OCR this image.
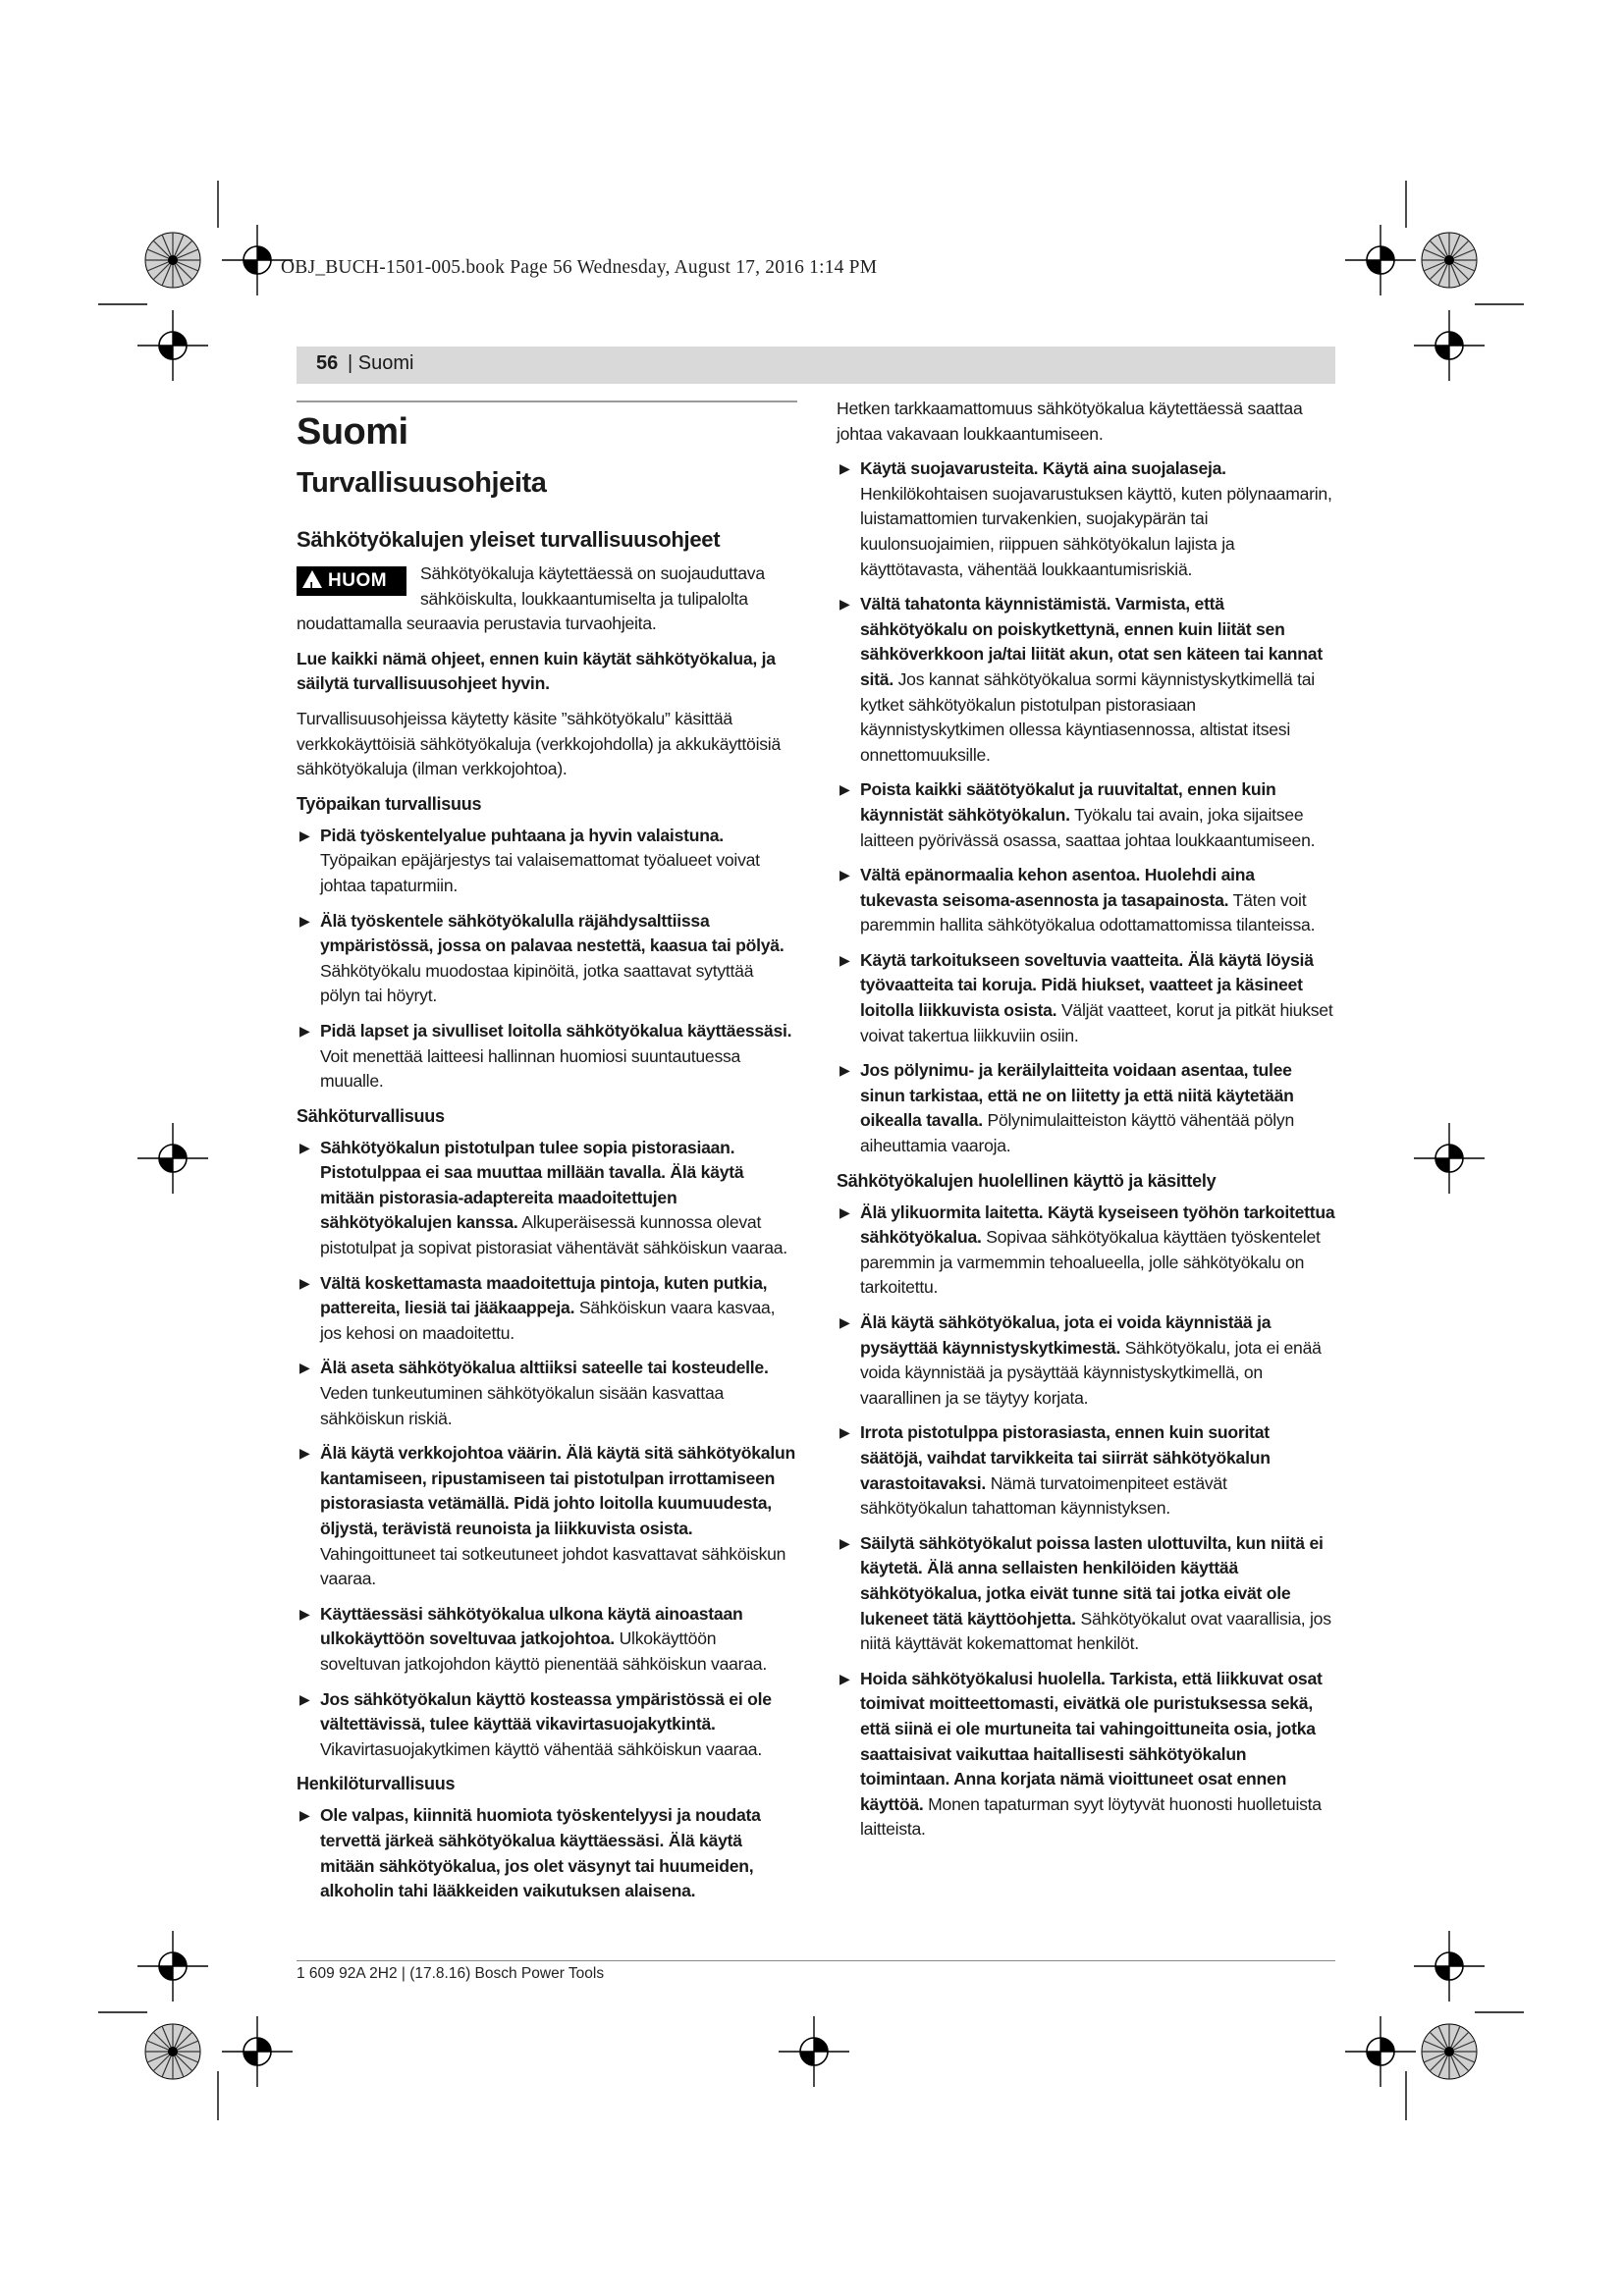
OBJ_BUCH-1501-005.book Page 56 Wednesday, August 17, 2016 1:14 PM
56 | Suomi
Suomi
Turvallisuusohjeita
Sähkötyökalujen yleiset turvallisuusohjeet
! HUOM	Sähkötyökaluja käytettäessä on suojauduttava sähköiskulta, loukkaantumiselta ja tulipalolta noudattamalla seuraavia perustavia turvaohjeita.

Lue kaikki nämä ohjeet, ennen kuin käytät sähkötyökalua, ja säilytä turvallisuusohjeet hyvin.

Turvallisuusohjeissa käytetty käsite ”sähkötyökalu” käsittää verkkokäyttöisiä sähkötyökaluja (verkkojohdolla) ja akkukäyttöisiä sähkötyökaluja (ilman verkkojohtoa).

Työpaikan turvallisuus
▶ Pidä työskentelyalue puhtaana ja hyvin valaistuna. Työpaikan epäjärjestys tai valaisemattomat työalueet voivat johtaa tapaturmiin.
▶ Älä työskentele sähkötyökalulla räjähdysalttiissa ympäristössä, jossa on palavaa nestettä, kaasua tai pölyä. Sähkötyökalu muodostaa kipinöitä, jotka saattavat sytyttää pölyn tai höyryt.
▶ Pidä lapset ja sivulliset loitolla sähkötyökalua käyttäessäsi. Voit menettää laitteesi hallinnan huomiosi suuntautuessa muualle.
Sähköturvallisuus
▶ Sähkötyökalun pistotulpan tulee sopia pistorasiaan. Pistotulppaa ei saa muuttaa millään tavalla. Älä käytä mitään pistorasia-adapterеita maadoitettujen sähkötyökalujen kanssa. Alkuperäisessä kunnossa olevat pistotulpat ja sopivat pistorasiat vähentävät sähköiskun vaaraa.
▶ Vältä koskettamasta maadoitettuja pintoja, kuten putkia, pattereita, liesiä tai jääkaappeja. Sähköiskun vaara kasvaa, jos kehosi on maadoitettu.
▶ Älä aseta sähkötyökalua alttiiksi sateelle tai kosteudelle. Veden tunkeutuminen sähkötyökalun sisään kasvattaa sähköiskun riskiä.
▶ Älä käytä verkkojohtoa väärin. Älä käytä sitä sähkötyökalun kantamiseen, ripustamiseen tai pistotulpan irrottamiseen pistorasiasta vetämällä. Pidä johto loitolla kuumuudesta, öljystä, terävistä reunoista ja liikkuvista osista. Vahingoittuneet tai sotkeutuneet johdot kasvattavat sähköiskun vaaraa.
▶ Käyttäessäsi sähkötyökalua ulkona käytä ainoastaan ulkokäyttöön soveltuvaa jatkojohtoa. Ulkokäyttöön soveltuvan jatkojohdon käyttö pienentää sähköiskun vaaraa.
▶ Jos sähkötyökalun käyttö kosteassa ympäristössä ei ole vältettävissä, tulee käyttää vikavirtasuojakytkintä. Vikavirtasuojakytkimen käyttö vähentää sähköiskun vaaraa.
Henkilöturvallisuus
▶ Ole valpas, kiinnitä huomiota työskentelyysi ja noudata tervettä järkeä sähkötyökalua käyttäessäsi. Älä käytä mitään sähkötyökalua, jos olet väsynyt tai huumeiden, alkoholin tahi lääkkeiden vaikutuksen alaisena.

Hetken tarkkaamattomuus sähkötyökalua käytettäessä saattaa johtaa vakavaan loukkaantumiseen.

▶ Käytä suojavarusteita. Käytä aina suojalaseja. Henkilökohtaisen suojavarustuksen käyttö, kuten pölynaamarin, luistamattomien turvakenkien, suojakypärän tai kuulonsuojaimien, riippuen sähkötyökalun lajista ja käyttötavasta, vähentää loukkaantumisriskiä.
▶ Vältä tahatonta käynnistämistä. Varmista, että sähkötyökalu on poiskytkettynä, ennen kuin liität sen sähköverkkoon ja/tai liität akun, otat sen käteen tai kannat sitä. Jos kannat sähkötyökalua sormi käynnistyskytkimellä tai kytket sähkötyökalun pistotulpan pistorasiaan käynnistyskytkimen ollessa käyntiasennossa, altistat itsesi onnettomuuksille.
▶ Poista kaikki säätötyökalut ja ruuvitaltat, ennen kuin käynnistät sähkötyökalun. Työkalu tai avain, joka sijaitsee laitteen pyörivässä osassa, saattaa johtaa loukkaantumiseen.
▶ Vältä epänormaalia kehon asentoa. Huolehdi aina tukevasta seisoma-asennosta ja tasapainosta. Täten voit paremmin hallita sähkötyökalua odottamattomissa tilanteissa.
▶ Käytä tarkoitukseen soveltuvia vaatteita. Älä käytä löysiä työvaatteita tai koruja. Pidä hiukset, vaatteet ja käsineet loitolla liikkuvista osista. Väljät vaatteet, korut ja pitkät hiukset voivat takertua liikkuviin osiin.
▶ Jos pölynimu- ja keräilylaitteita voidaan asentaa, tulee sinun tarkistaa, että ne on liitetty ja että niitä käytetään oikealla tavalla. Pölynimulaitteiston käyttö vähentää pölyn aiheuttamia vaaroja.
Sähkötyökalujen huolellinen käyttö ja käsittely
▶ Älä ylikuormita laitetta. Käytä kyseiseen työhön tarkoitettua sähkötyökalua. Sopivaa sähkötyökalua käyttäen työskentelet paremmin ja varmemmin tehoalueella, jolle sähkötyökalu on tarkoitettu.
▶ Älä käytä sähkötyökalua, jota ei voida käynnistää ja pysäyttää käynnistyskytkimestä. Sähkötyökalu, jota ei enää voida käynnistää ja pysäyttää käynnistyskytkimellä, on vaarallinen ja se täytyy korjata.
▶ Irrota pistotulppa pistorasiasta, ennen kuin suoritat säätöjä, vaihdat tarvikkeita tai siirrät sähkötyökalun varastoitavaksi. Nämä turvatoimenpiteet estävät sähkötyökalun tahattoman käynnistyksen.
▶ Säilytä sähkötyökalut poissa lasten ulottuvilta, kun niitä ei käytetä. Älä anna sellaisten henkilöiden käyttää sähkötyökalua, jotka eivät tunne sitä tai jotka eivät ole lukeneet tätä käyttöohjetta. Sähkötyökalut ovat vaarallisia, jos niitä käyttävät kokemattomat henkilöt.
▶ Hoida sähkötyökalusi huolella. Tarkista, että liikkuvat osat toimivat moitteettomasti, eivätkä ole puristuksessa sekä, että siinä ei ole murtuneita tai vahingoittuneita osia, jotka saattaisivat vaikuttaa haitallisesti sähkötyökalun toimintaan. Anna korjata nämä vioittuneet osat ennen käyttöä. Monen tapaturman syyt löytyvät huonosti huolletuista laitteista.
1 609 92A 2H2 | (17.8.16) Bosch Power Tools
